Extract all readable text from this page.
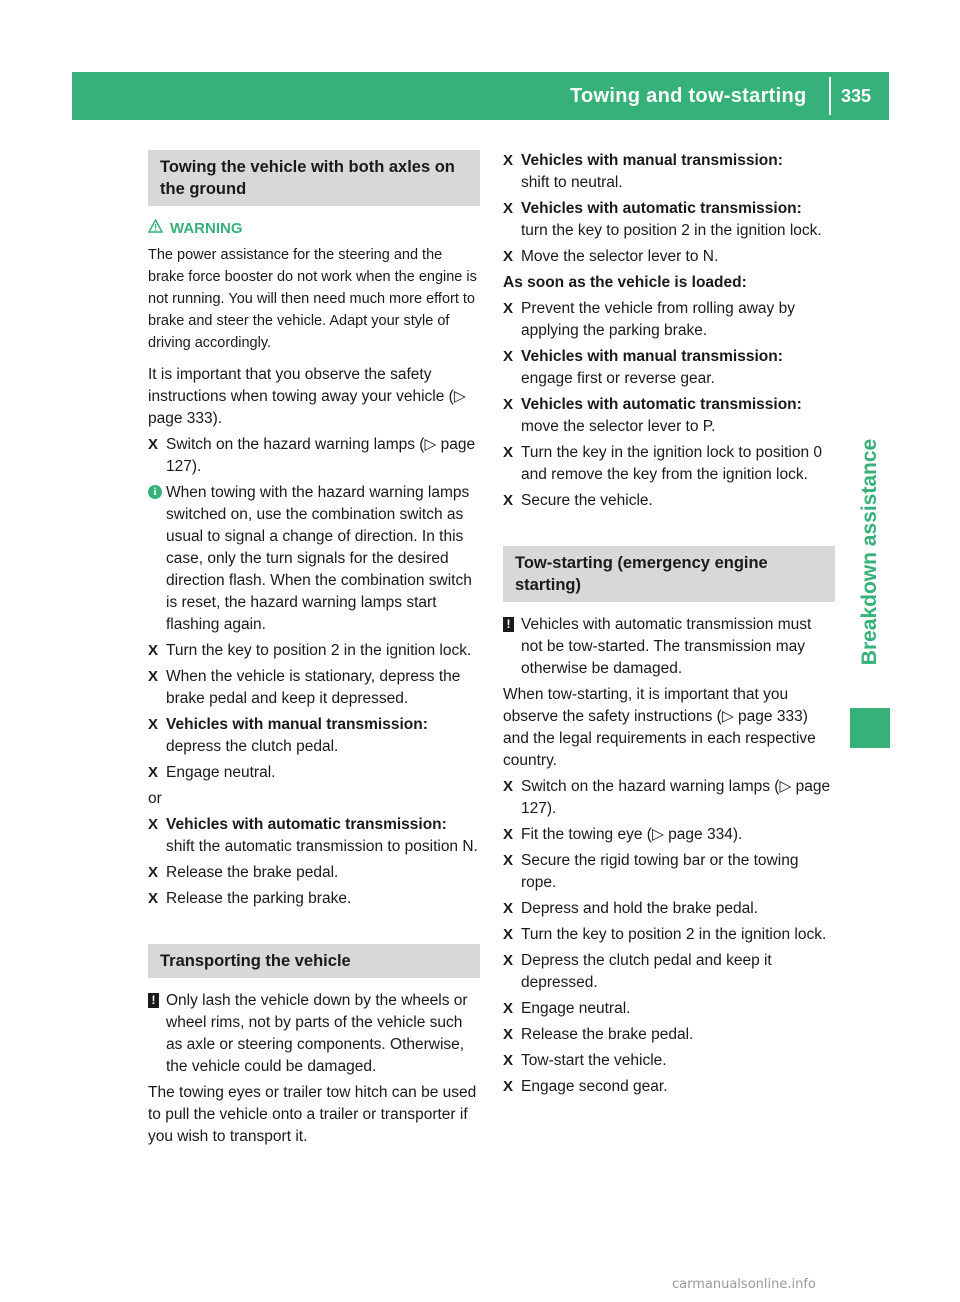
Towing and tow-starting 335
Breakdown assistance
Towing the vehicle with both axles on the ground
WARNING
The power assistance for the steering and the brake force booster do not work when the engine is not running. You will then need much more effort to brake and steer the vehicle. Adapt your style of driving accordingly.
It is important that you observe the safety instructions when towing away your vehicle (▷ page 333).
X Switch on the hazard warning lamps (▷ page 127).
i When towing with the hazard warning lamps switched on, use the combination switch as usual to signal a change of direction. In this case, only the turn signals for the desired direction flash. When the combination switch is reset, the hazard warning lamps start flashing again.
X Turn the key to position 2 in the ignition lock.
X When the vehicle is stationary, depress the brake pedal and keep it depressed.
X Vehicles with manual transmission:
depress the clutch pedal.
X Engage neutral.
or
X Vehicles with automatic transmission:
shift the automatic transmission to position N.
X Release the brake pedal.
X Release the parking brake.
Transporting the vehicle
! Only lash the vehicle down by the wheels or wheel rims, not by parts of the vehicle such as axle or steering components. Otherwise, the vehicle could be damaged.
The towing eyes or trailer tow hitch can be used to pull the vehicle onto a trailer or transporter if you wish to transport it.
X Vehicles with manual transmission:
shift to neutral.
X Vehicles with automatic transmission:
turn the key to position 2 in the ignition lock.
X Move the selector lever to N.
As soon as the vehicle is loaded:
X Prevent the vehicle from rolling away by applying the parking brake.
X Vehicles with manual transmission:
engage first or reverse gear.
X Vehicles with automatic transmission:
move the selector lever to P.
X Turn the key in the ignition lock to position 0 and remove the key from the ignition lock.
X Secure the vehicle.
Tow-starting (emergency engine starting)
! Vehicles with automatic transmission must not be tow-started. The transmission may otherwise be damaged.
When tow-starting, it is important that you observe the safety instructions (▷ page 333) and the legal requirements in each respective country.
X Switch on the hazard warning lamps (▷ page 127).
X Fit the towing eye (▷ page 334).
X Secure the rigid towing bar or the towing rope.
X Depress and hold the brake pedal.
X Turn the key to position 2 in the ignition lock.
X Depress the clutch pedal and keep it depressed.
X Engage neutral.
X Release the brake pedal.
X Tow-start the vehicle.
X Engage second gear.
carmanualsonline.info
